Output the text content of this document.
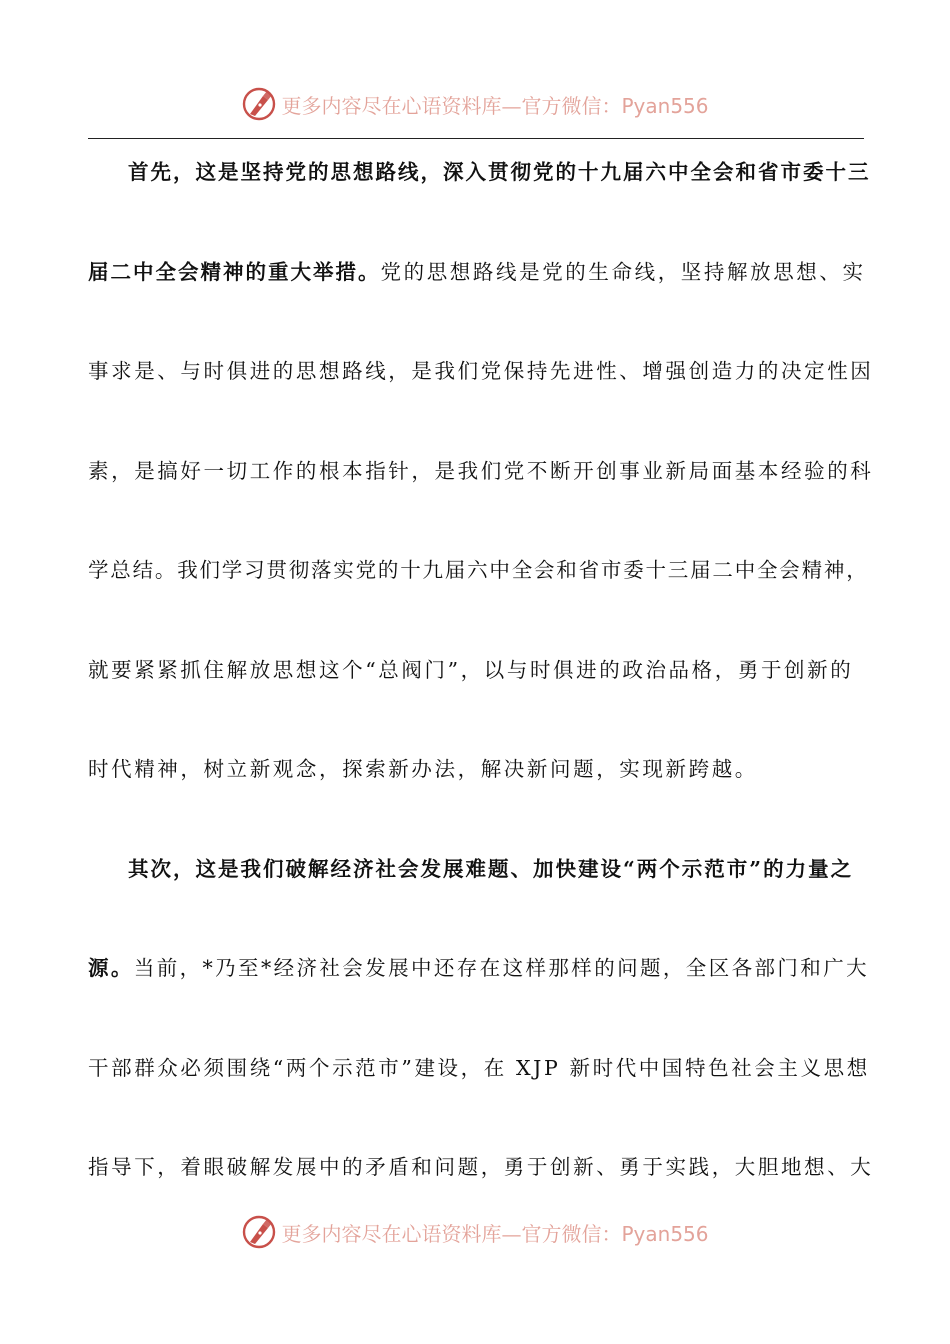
更多内容尽在心语资料库—官方微信：Pyan556
首先，这是坚持党的思想路线，深入贯彻党的十九届六中全会和省市委十三
届二中全会精神的重大举措。党的思想路线是党的生命线，坚持解放思想、实
事求是、与时俱进的思想路线，是我们党保持先进性、增强创造力的决定性因
素，是搞好一切工作的根本指针，是我们党不断开创事业新局面基本经验的科
学总结。我们学习贯彻落实党的十九届六中全会和省市委十三届二中全会精神，
就要紧紧抓住解放思想这个“总阀门”，以与时俱进的政治品格，勇于创新的
时代精神，树立新观念，探索新办法，解决新问题，实现新跨越。
其次，这是我们破解经济社会发展难题、加快建设“两个示范市”的力量之
源。当前，*乃至*经济社会发展中还存在这样那样的问题，全区各部门和广大
干部群众必须围绕“两个示范市”建设，在 XJP 新时代中国特色社会主义思想
指导下，着眼破解发展中的矛盾和问题，勇于创新、勇于实践，大胆地想、大
更多内容尽在心语资料库—官方微信：Pyan556
